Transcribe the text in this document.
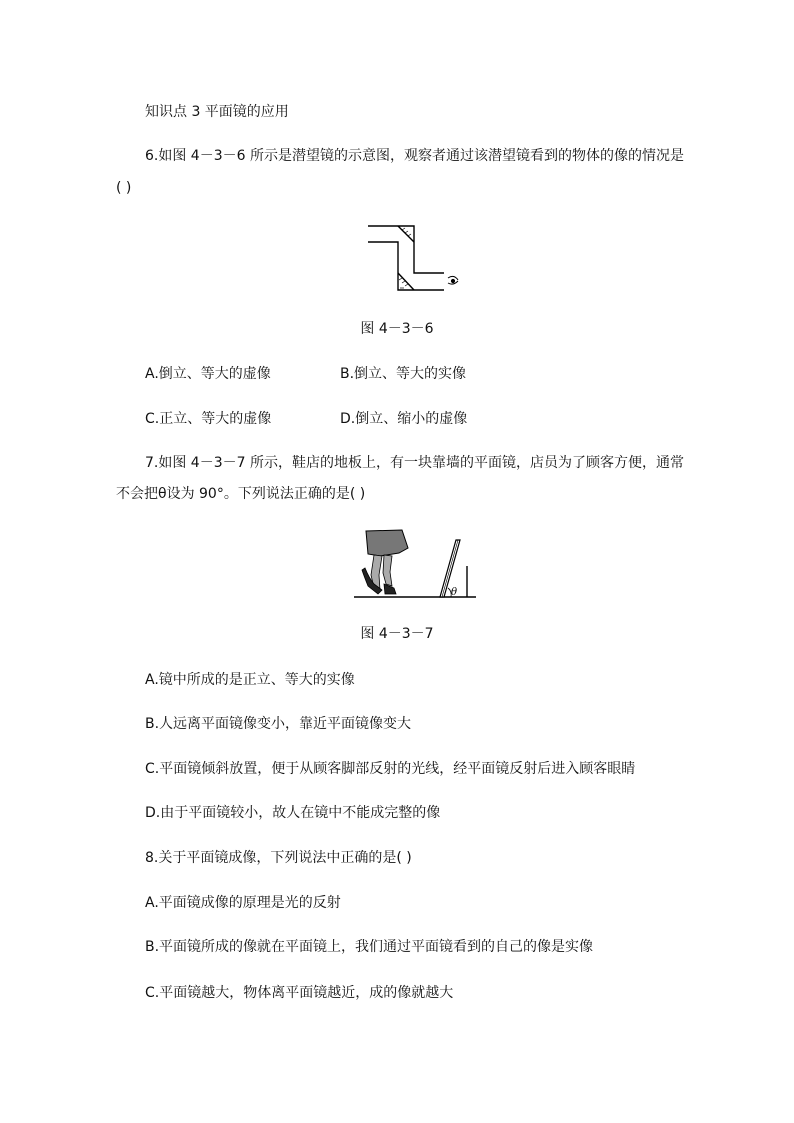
知识点 3 平面镜的应用
6.如图 4－3－6 所示是潜望镜的示意图，观察者通过该潜望镜看到的物体的像的情况是
( )
图 4－3－6
A.倒立、等大的虚像	B.倒立、等大的实像
C.正立、等大的虚像	D.倒立、缩小的虚像
7.如图 4－3－7 所示，鞋店的地板上，有一块靠墙的平面镜，店员为了顾客方便，通常
不会把θ设为 90°。下列说法正确的是( )
θ
图 4－3－7
A.镜中所成的是正立、等大的实像
B.人远离平面镜像变小，靠近平面镜像变大
C.平面镜倾斜放置，便于从顾客脚部反射的光线，经平面镜反射后进入顾客眼睛
D.由于平面镜较小，故人在镜中不能成完整的像
8.关于平面镜成像，下列说法中正确的是( )
A.平面镜成像的原理是光的反射
B.平面镜所成的像就在平面镜上，我们通过平面镜看到的自己的像是实像
C.平面镜越大，物体离平面镜越近，成的像就越大
